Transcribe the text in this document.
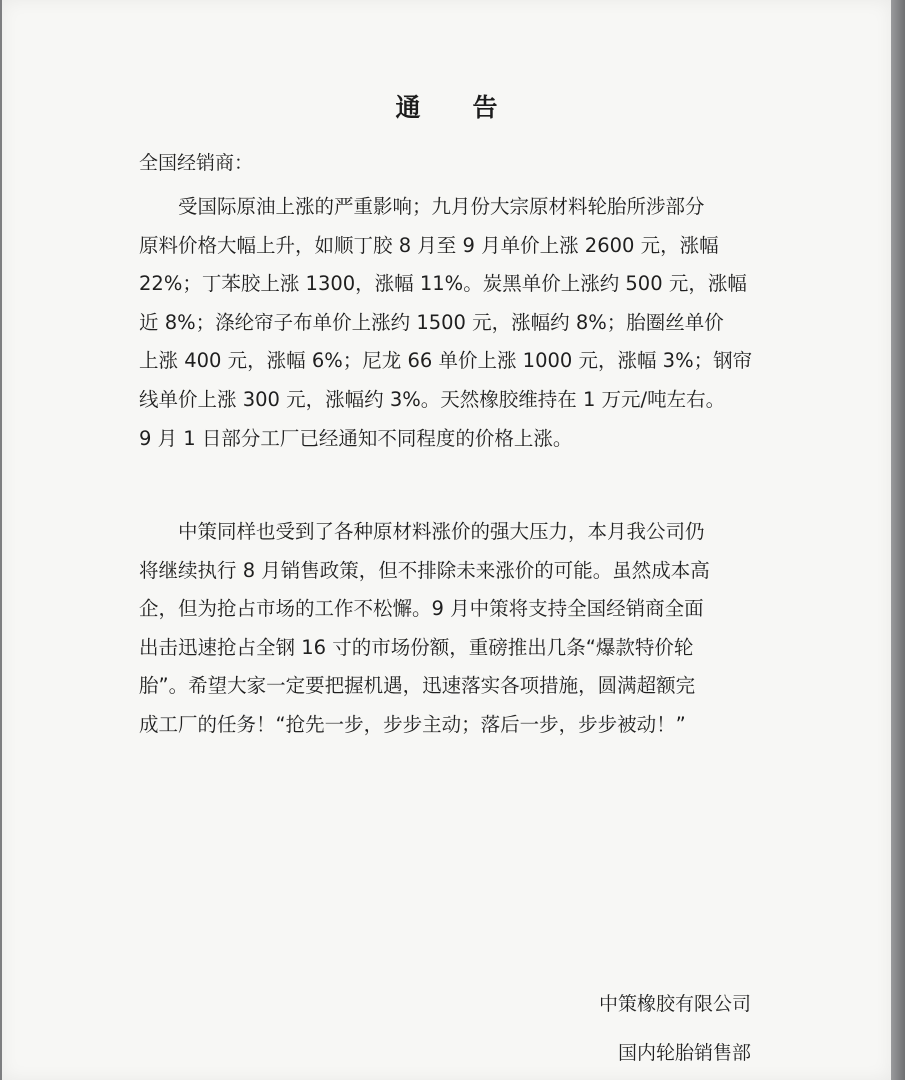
通 告
全国经销商：
受国际原油上涨的严重影响；九月份大宗原材料轮胎所涉部分
原料价格大幅上升，如顺丁胶 8 月至 9 月单价上涨 2600 元，涨幅
22%；丁苯胶上涨 1300，涨幅 11%。炭黑单价上涨约 500 元，涨幅
近 8%；涤纶帘子布单价上涨约 1500 元，涨幅约 8%；胎圈丝单价
上涨 400 元，涨幅 6%；尼龙 66 单价上涨 1000 元，涨幅 3%；钢帘
线单价上涨 300 元，涨幅约 3%。天然橡胶维持在 1 万元/吨左右。
9 月 1 日部分工厂已经通知不同程度的价格上涨。
中策同样也受到了各种原材料涨价的强大压力，本月我公司仍
将继续执行 8 月销售政策，但不排除未来涨价的可能。虽然成本高
企，但为抢占市场的工作不松懈。9 月中策将支持全国经销商全面
出击迅速抢占全钢 16 寸的市场份额，重磅推出几条“爆款特价轮
胎”。希望大家一定要把握机遇，迅速落实各项措施，圆满超额完
成工厂的任务！“抢先一步，步步主动；落后一步，步步被动！”
中策橡胶有限公司
国内轮胎销售部
